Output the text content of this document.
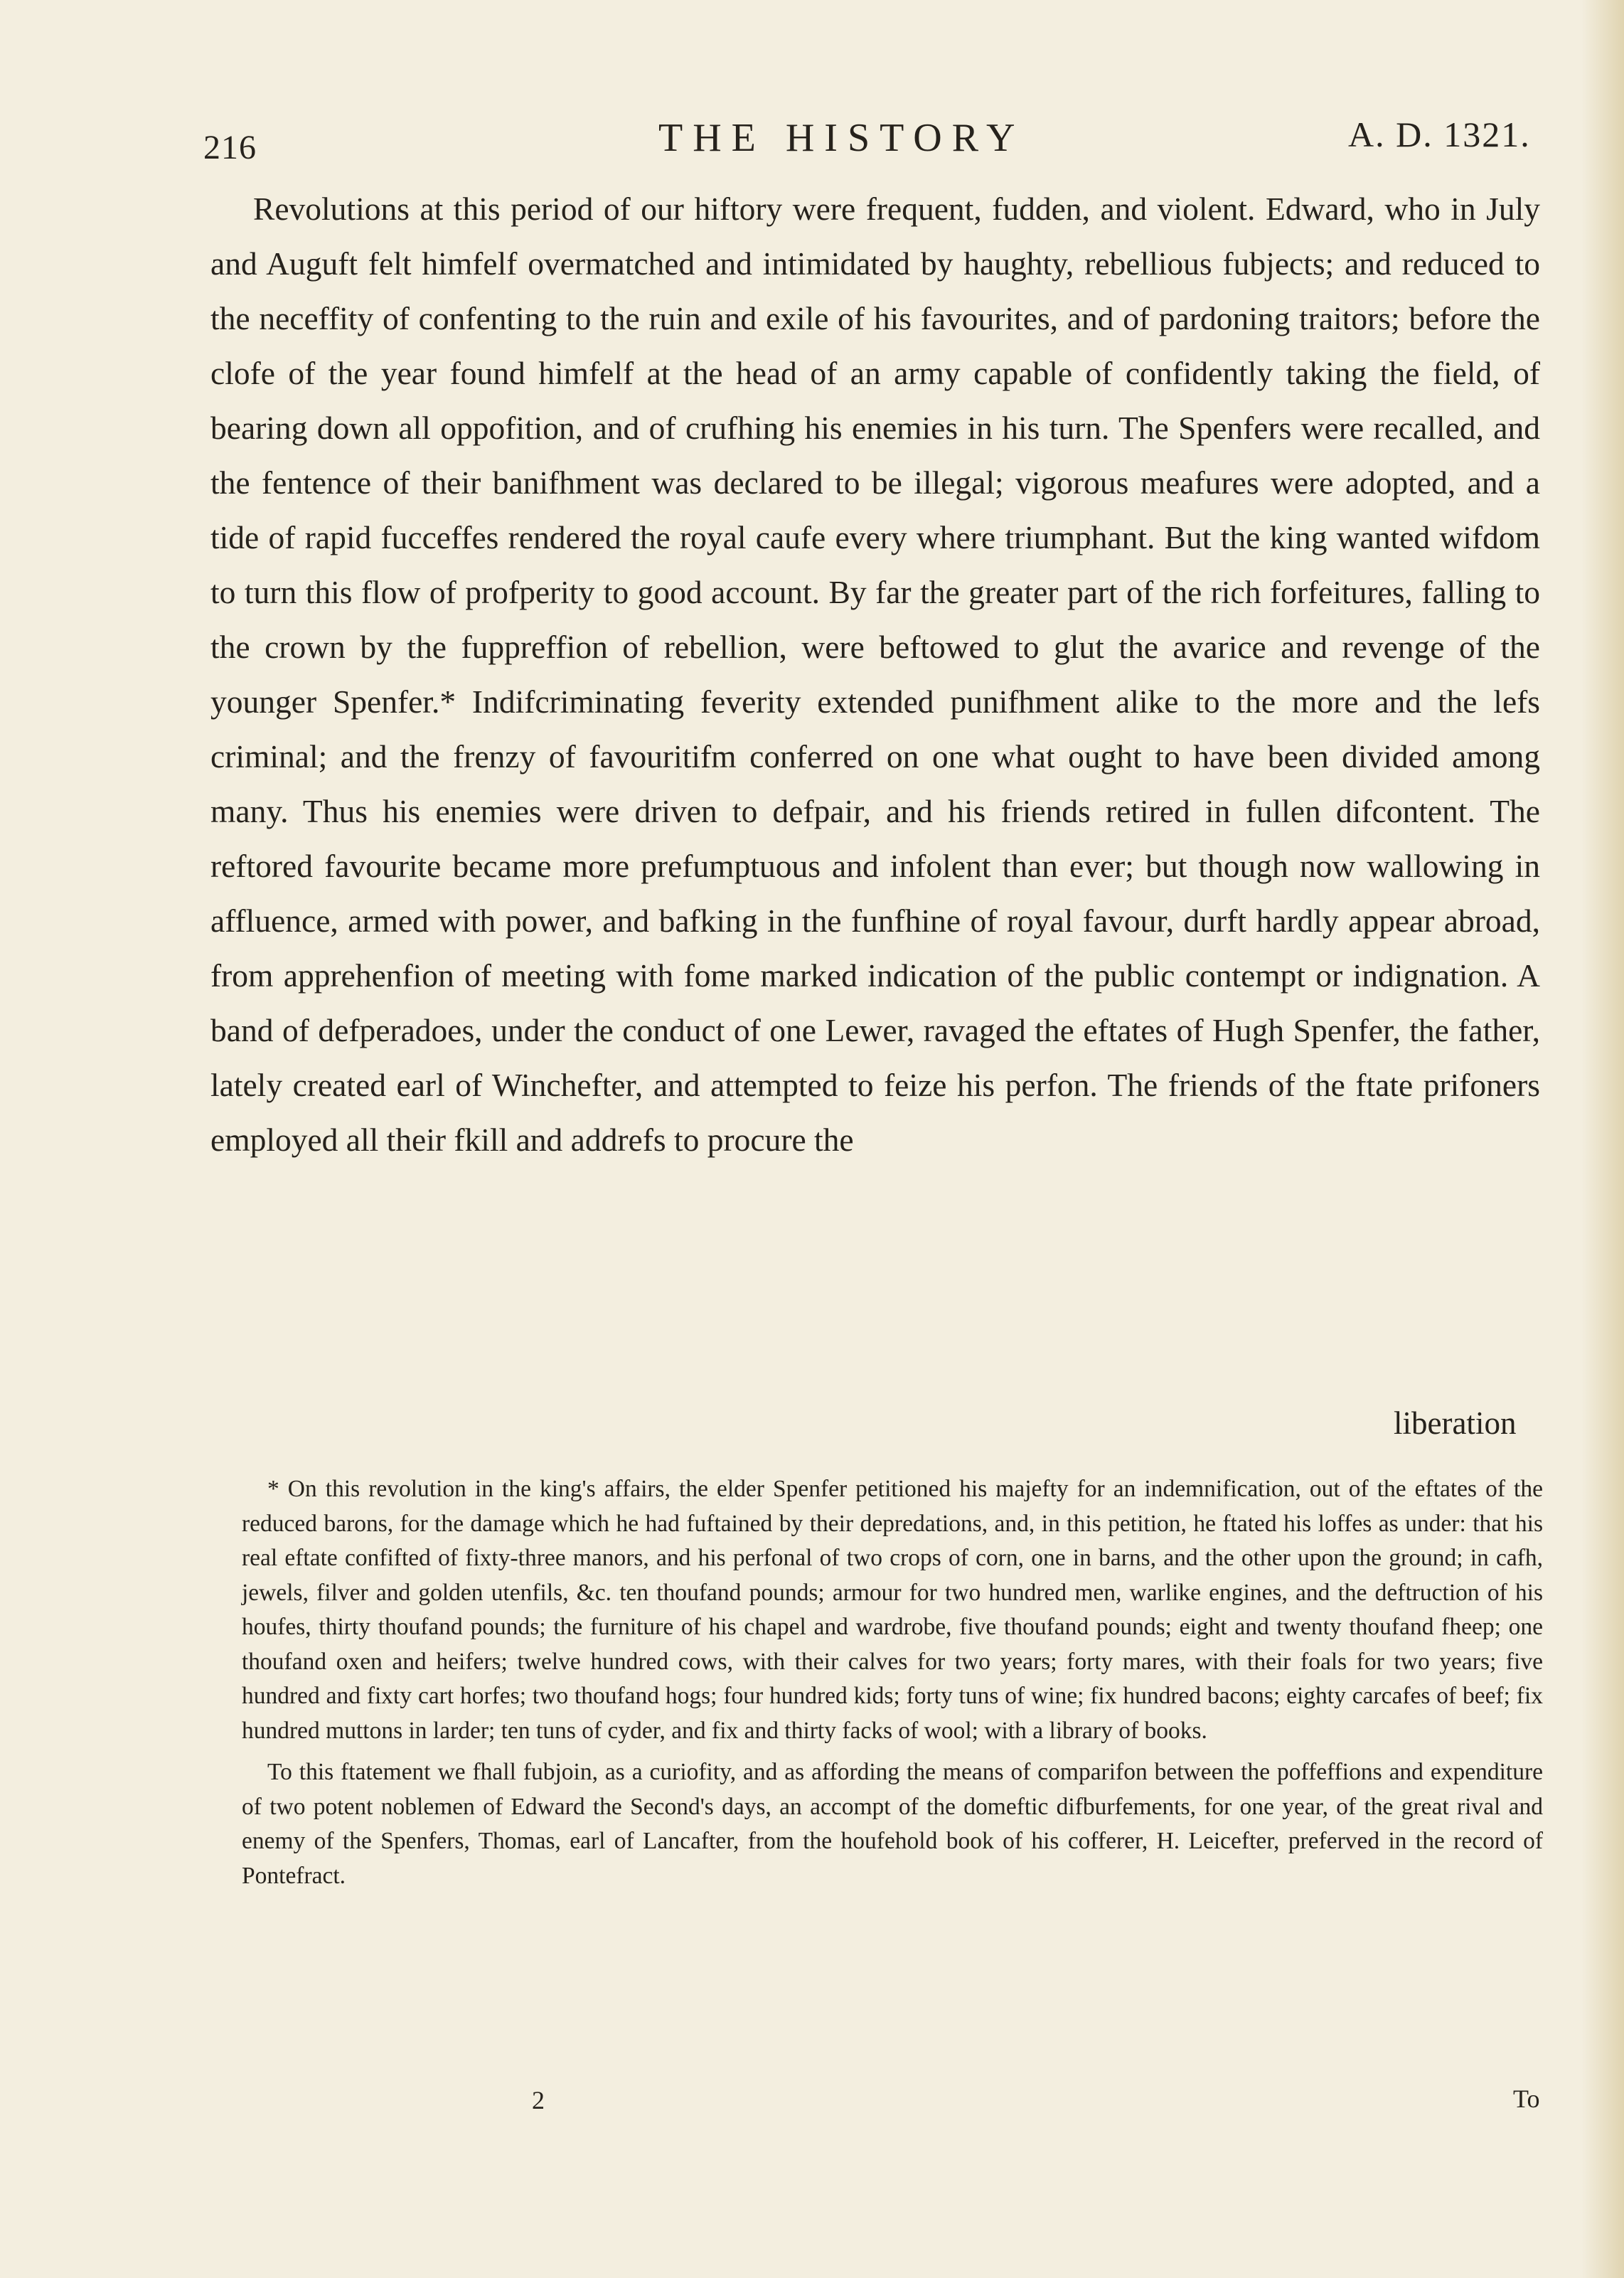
216	THE HISTORY	A. D. 1321.

Revolutions at this period of our hiftory were frequent, fudden, and violent. Edward, who in July and Auguft felt himfelf overmatched and intimidated by haughty, rebellious fubjects; and reduced to the neceffity of confenting to the ruin and exile of his favourites, and of pardoning traitors; before the clofe of the year found himfelf at the head of an army capable of confidently taking the field, of bearing down all oppofition, and of crufhing his enemies in his turn. The Spenfers were recalled, and the fentence of their banifhment was declared to be illegal; vigorous meafures were adopted, and a tide of rapid fucceffes rendered the royal caufe every where triumphant. But the king wanted wifdom to turn this flow of profperity to good account. By far the greater part of the rich forfeitures, falling to the crown by the fuppreffion of rebellion, were beftowed to glut the avarice and revenge of the younger Spenfer.* Indifcriminating feverity extended punifhment alike to the more and the lefs criminal; and the frenzy of favouritifm conferred on one what ought to have been divided among many. Thus his enemies were driven to defpair, and his friends retired in fullen difcontent. The reftored favourite became more prefumptuous and infolent than ever; but though now wallowing in affluence, armed with power, and bafking in the funfhine of royal favour, durft hardly appear abroad, from apprehenfion of meeting with fome marked indication of the public contempt or indignation. A band of defperadoes, under the conduct of one Lewer, ravaged the eftates of Hugh Spenfer, the father, lately created earl of Winchefter, and attempted to feize his perfon. The friends of the ftate prifoners employed all their fkill and addrefs to procure the

liberation

* On this revolution in the king's affairs, the elder Spenfer petitioned his majefty for an indemnification, out of the eftates of the reduced barons, for the damage which he had fuftained by their depredations, and, in this petition, he ftated his loffes as under: that his real eftate confifted of fixty-three manors, and his perfonal of two crops of corn, one in barns, and the other upon the ground; in cafh, jewels, filver and golden utenfils, &c. ten thoufand pounds; armour for two hundred men, warlike engines, and the deftruction of his houfes, thirty thoufand pounds; the furniture of his chapel and wardrobe, five thoufand pounds; eight and twenty thoufand fheep; one thoufand oxen and heifers; twelve hundred cows, with their calves for two years; forty mares, with their foals for two years; five hundred and fixty cart horfes; two thoufand hogs; four hundred kids; forty tuns of wine; fix hundred bacons; eighty carcafes of beef; fix hundred muttons in larder; ten tuns of cyder, and fix and thirty facks of wool; with a library of books.

To this ftatement we fhall fubjoin, as a curiofity, and as affording the means of comparifon between the poffeffions and expenditure of two potent noblemen of Edward the Second's days, an accompt of the domeftic difburfements, for one year, of the great rival and enemy of the Spenfers, Thomas, earl of Lancafter, from the houfehold book of his cofferer, H. Leicefter, preferved in the record of Pontefract.

2	To
